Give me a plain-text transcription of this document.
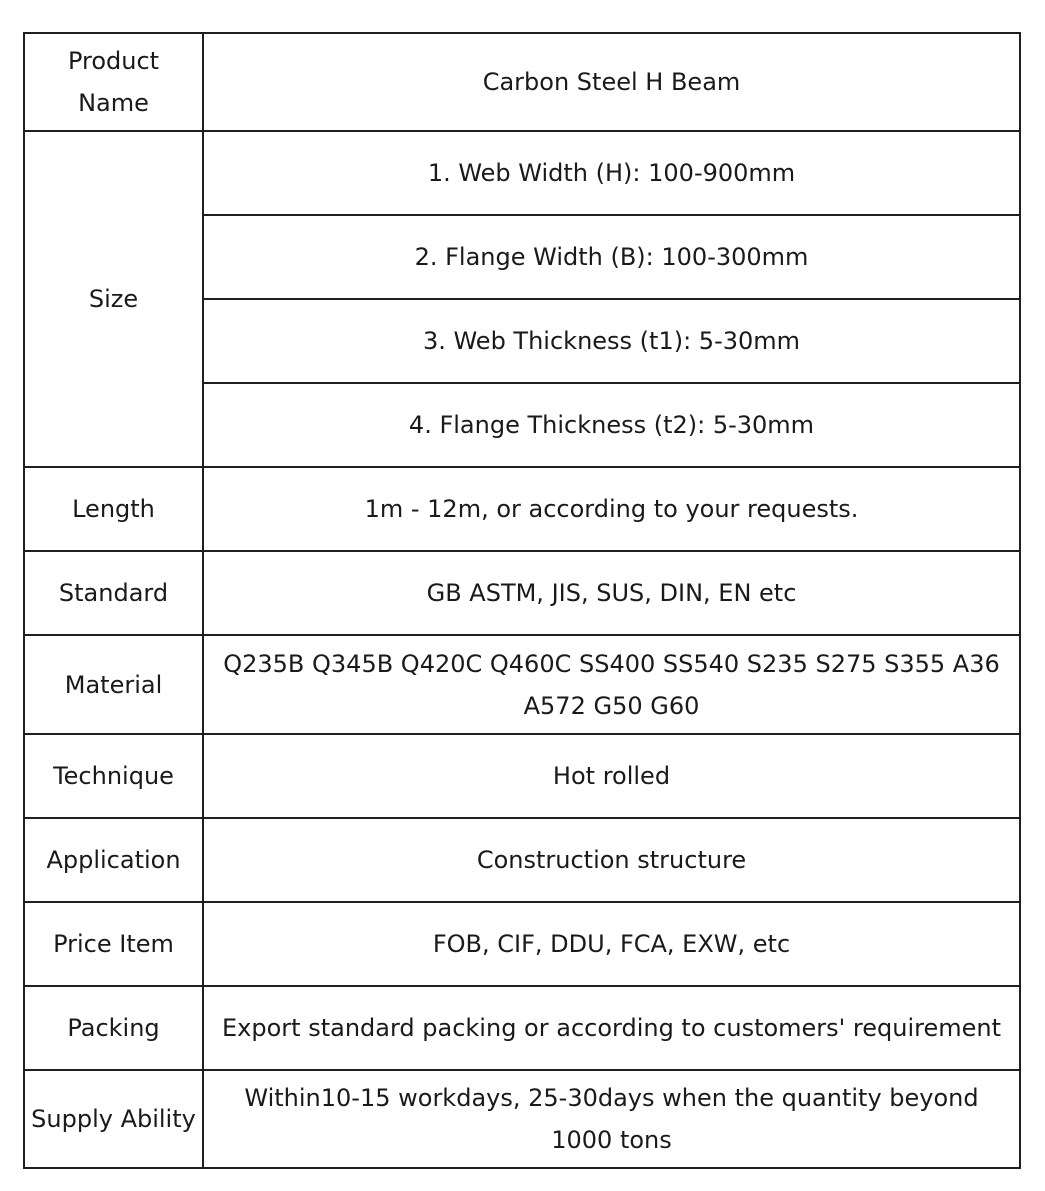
Product Name	Carbon Steel H Beam
Size	1. Web Width (H): 100-900mm
	2. Flange Width (B): 100-300mm
	3. Web Thickness (t1): 5-30mm
	4. Flange Thickness (t2): 5-30mm
Length	1m - 12m, or according to your requests.
Standard	GB ASTM, JIS, SUS, DIN, EN etc
Material	Q235B Q345B Q420C Q460C SS400 SS540 S235 S275 S355 A36 A572 G50 G60
Technique	Hot rolled
Application	Construction structure
Price Item	FOB, CIF, DDU, FCA, EXW, etc
Packing	Export standard packing or according to customers' requirement
Supply Ability	Within10-15 workdays, 25-30days when the quantity beyond 1000 tons
